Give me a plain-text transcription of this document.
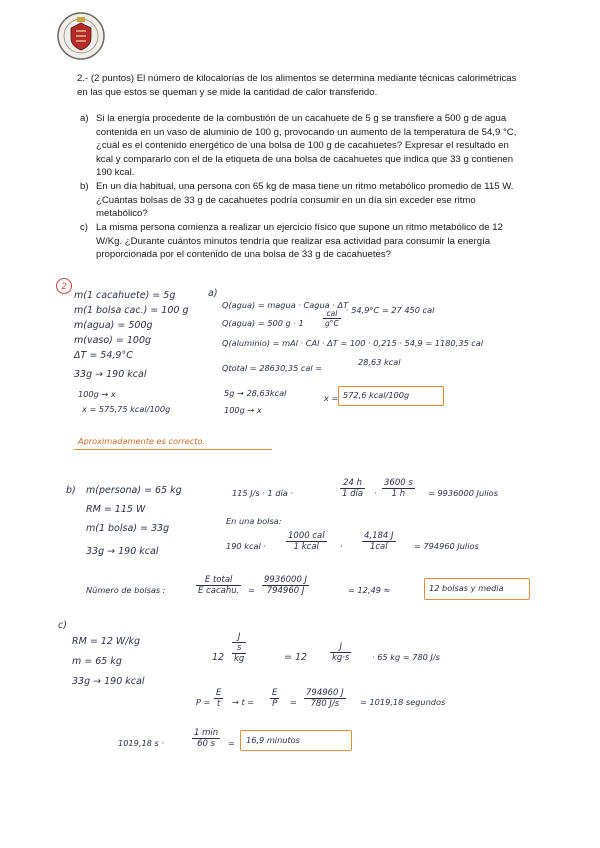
2.- (2 puntos) El número de kilocalorías de los alimentos se determina mediante técnicas calorimétricas en las que estos se queman y se mide la cantidad de calor transferido.
a) Si la energía procedente de la combustión de un cacahuete de 5 g se transfiere a 500 g de agua contenida en un vaso de aluminio de 100 g, provocando un aumento de la temperatura de 54,9 °C, ¿cuál es el contenido energético de una bolsa de 100 g de cacahuetes? Expresar el resultado en kcal y compararlo con el de la etiqueta de una bolsa de cacahuetes que indica que 33 g contienen 190 kcal.
b) En un día habitual, una persona con 65 kg de masa tiene un ritmo metabólico promedio de 115 W. ¿Cuántas bolsas de 33 g de cacahuetes podría consumir en un día sin exceder ese ritmo metabólico?
c) La misma persona comienza a realizar un ejercicio físico que supone un ritmo metabólico de 12 W/Kg. ¿Durante cuántos minutos tendría que realizar esa actividad para consumir la energía proporcionada por el contenido de una bolsa de 33 g de cacahuetes?
2
m(1 cacahuete) = 5g
m(1 bolsa cac.) = 100 g
m(agua) = 500g
m(vaso) = 100g
ΔT = 54,9°C
33g → 190 kcal
100g → x
x = 575,75 kcal/100g
a)
Q(agua) = magua · Cagua · ΔT
Q(agua) = 500 g · 1
cal
g°C
· 54,9°C = 27 450 cal
Q(aluminio) = mAl · CAl · ΔT = 100 · 0,215 · 54,9 = 1180,35 cal
Qtotal = 28630,35 cal =
28,63 kcal
5g → 28,63kcal
100g → x
x = 572,6 kcal/100g
Aproximadamente es correcto.
b) m(persona) = 65 kg
RM = 115 W
m(1 bolsa) = 33g
33g → 190 kcal
115 J/s · 1 día ·
24 h
1 día · $\frac{3600 s}{1 h} = 9936000$ Julios
En una bolsa:
190 kcal ·
1000 cal
1 kcal	·
4,184 J
1cal	= 794960 Julios
Número de bolsas :
E total
E cacahu. = $\frac{9936000 J}{794960 J}$	= 12,49 ≈	12 bolsas y media
c)
RM = 12 W/kg
m = 65 kg
33g → 190 kcal
12
J
s
kg	= 12	$\frac{J}{kg\cdot s}$	· 65 kg = 780 J/s
$P = \frac{E}{t} \to t = \frac{E}{P} = \frac{794960 J}{780 J/s} = 1019,18$ segundos
1019,18 s ·
1 min
60 s	= 16,9 minutos
